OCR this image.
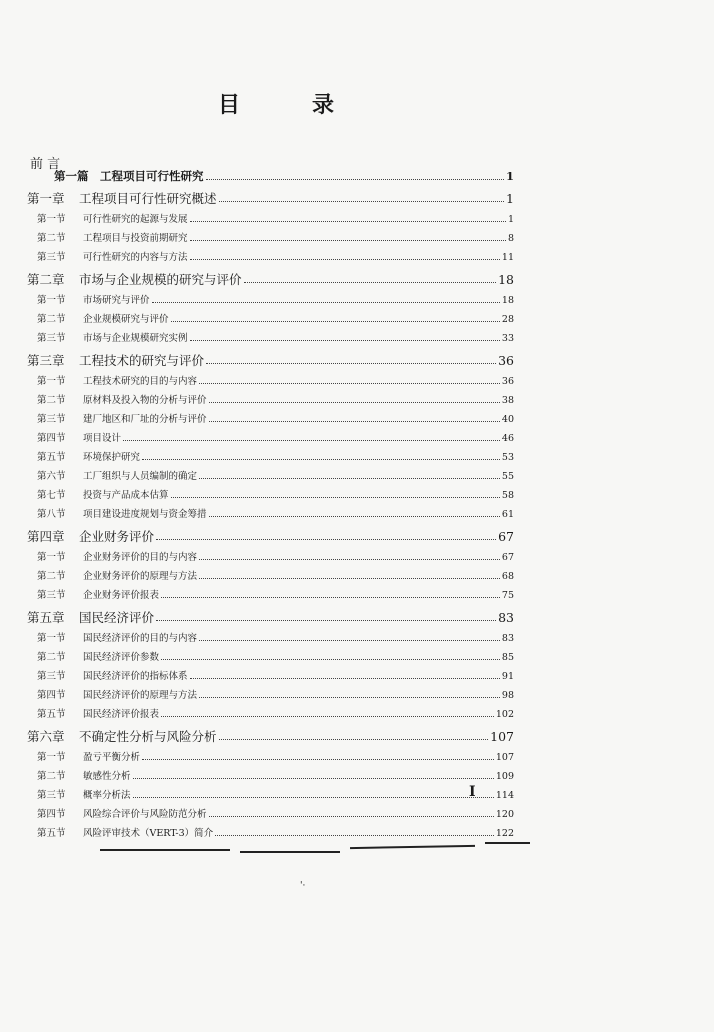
目	录
前 言
第一篇	工程项目可行性研究	1
第一章	工程项目可行性研究概述	1
第一节	可行性研究的起源与发展	1
第二节	工程项目与投资前期研究	8
第三节	可行性研究的内容与方法	11
第二章	市场与企业规模的研究与评价	18
第一节	市场研究与评价	18
第二节	企业规模研究与评价	28
第三节	市场与企业规模研究实例	33
第三章	工程技术的研究与评价	36
第一节	工程技术研究的目的与内容	36
第二节	原材料及投入物的分析与评价	38
第三节	建厂地区和厂址的分析与评价	40
第四节	项目设计	46
第五节	环境保护研究	53
第六节	工厂组织与人员编制的确定	55
第七节	投资与产品成本估算	58
第八节	项目建设进度规划与资金筹措	61
第四章	企业财务评价	67
第一节	企业财务评价的目的与内容	67
第二节	企业财务评价的原理与方法	68
第三节	企业财务评价报表	75
第五章	国民经济评价	83
第一节	国民经济评价的目的与内容	83
第二节	国民经济评价参数	85
第三节	国民经济评价的指标体系	91
第四节	国民经济评价的原理与方法	98
第五节	国民经济评价报表	102
第六章	不确定性分析与风险分析	107
第一节	盈亏平衡分析	107
第二节	敏感性分析	109
第三节	概率分析法	114
第四节	风险综合评价与风险防范分析	120
第五节	风险评审技术（VERT-3）简介	122
I
'·
